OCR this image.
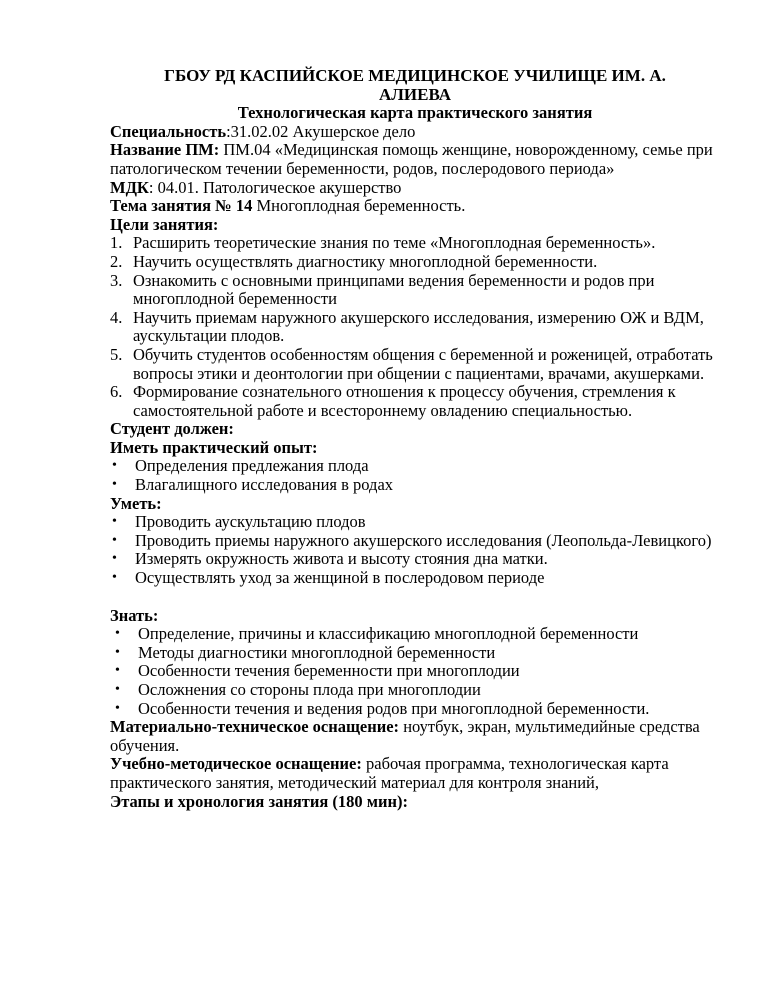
ГБОУ РД КАСПИЙСКОЕ МЕДИЦИНСКОЕ УЧИЛИЩЕ ИМ. А.

АЛИЕВА

Технологическая карта практического занятия

Специальность:31.02.02 Акушерское дело

Название ПМ: ПМ.04 «Медицинская помощь женщине, новорожденному, семье при патологическом течении беременности, родов, послеродового периода»

МДК: 04.01. Патологическое акушерство

Тема занятия № 14 Многоплодная беременность.

Цели занятия:

1. Расширить теоретические знания по теме «Многоплодная беременность».
2. Научить осуществлять диагностику многоплодной беременности.
3. Ознакомить с основными принципами ведения беременности и родов при многоплодной беременности
4. Научить приемам наружного акушерского исследования, измерению ОЖ и ВДМ, аускультации плодов.
5. Обучить студентов особенностям общения с беременной и роженицей, отработать вопросы этики и деонтологии при общении с пациентами, врачами, акушерками.
6. Формирование сознательного отношения к процессу обучения, стремления к самостоятельной работе и всестороннему овладению специальностью.

Студент должен:

Иметь практический опыт:

• Определения предлежания плода
• Влагалищного исследования в родах

Уметь:

• Проводить аускультацию плодов
• Проводить приемы наружного акушерского исследования (Леопольда-Левицкого)
• Измерять окружность живота и высоту стояния дна матки.
• Осуществлять уход за женщиной в послеродовом периоде

Знать:

• Определение, причины и классификацию многоплодной беременности
• Методы диагностики многоплодной беременности
• Особенности течения беременности при многоплодии
• Осложнения со стороны плода при многоплодии
• Особенности течения и ведения родов при многоплодной беременности.

Материально-техническое оснащение: ноутбук, экран, мультимедийные средства обучения.

Учебно-методическое оснащение: рабочая программа, технологическая карта практического занятия, методический материал для контроля знаний,

Этапы и хронология занятия (180 мин):
